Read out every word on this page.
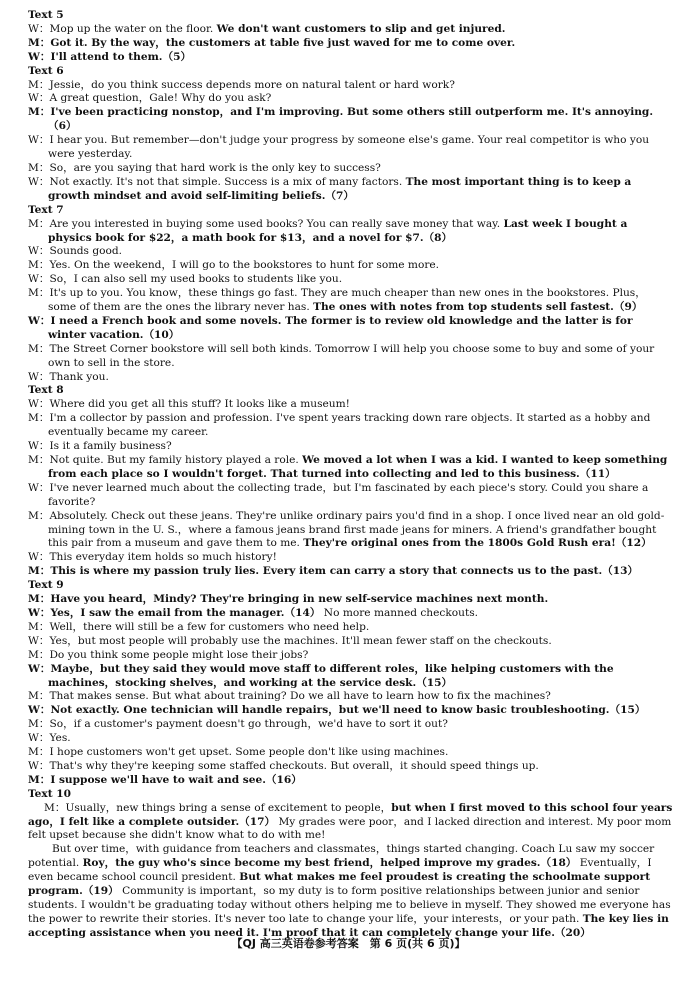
Text 5
W：Mop up the water on the floor. We don't want customers to slip and get injured.
M：Got it. By the way，the customers at table five just waved for me to come over.
W：I'll attend to them.（5）
Text 6
M：Jessie，do you think success depends more on natural talent or hard work?
W：A great question，Gale! Why do you ask?
M：I've been practicing nonstop，and I'm improving. But some others still outperform me. It's annoying.（6）
W：I hear you. But remember—don't judge your progress by someone else's game. Your real competitor is who you were yesterday.
M：So，are you saying that hard work is the only key to success?
W：Not exactly. It's not that simple. Success is a mix of many factors. The most important thing is to keep a growth mindset and avoid self-limiting beliefs.（7）
Text 7
M：Are you interested in buying some used books? You can really save money that way. Last week I bought a physics book for $22，a math book for $13，and a novel for $7.（8）
W：Sounds good.
M：Yes. On the weekend，I will go to the bookstores to hunt for some more.
W：So，I can also sell my used books to students like you.
M：It's up to you. You know，these things go fast. They are much cheaper than new ones in the bookstores. Plus，some of them are the ones the library never has. The ones with notes from top students sell fastest.（9）
W：I need a French book and some novels. The former is to review old knowledge and the latter is for winter vacation.（10）
M：The Street Corner bookstore will sell both kinds. Tomorrow I will help you choose some to buy and some of your own to sell in the store.
W：Thank you.
Text 8
W：Where did you get all this stuff? It looks like a museum!
M：I'm a collector by passion and profession. I've spent years tracking down rare objects. It started as a hobby and eventually became my career.
W：Is it a family business?
M：Not quite. But my family history played a role. We moved a lot when I was a kid. I wanted to keep something from each place so I wouldn't forget. That turned into collecting and led to this business.（11）
W：I've never learned much about the collecting trade，but I'm fascinated by each piece's story. Could you share a favorite?
M：Absolutely. Check out these jeans. They're unlike ordinary pairs you'd find in a shop. I once lived near an old gold-mining town in the U. S.，where a famous jeans brand first made jeans for miners. A friend's grandfather bought this pair from a museum and gave them to me. They're original ones from the 1800s Gold Rush era!（12）
W：This everyday item holds so much history!
M：This is where my passion truly lies. Every item can carry a story that connects us to the past.（13）
Text 9
M：Have you heard，Mindy? They're bringing in new self-service machines next month.
W：Yes，I saw the email from the manager.（14） No more manned checkouts.
M：Well，there will still be a few for customers who need help.
W：Yes，but most people will probably use the machines. It'll mean fewer staff on the checkouts.
M：Do you think some people might lose their jobs?
W：Maybe，but they said they would move staff to different roles，like helping customers with the machines，stocking shelves，and working at the service desk.（15）
M：That makes sense. But what about training? Do we all have to learn how to fix the machines?
W：Not exactly. One technician will handle repairs，but we'll need to know basic troubleshooting.（15）
M：So，if a customer's payment doesn't go through，we'd have to sort it out?
W：Yes.
M：I hope customers won't get upset. Some people don't like using machines.
W：That's why they're keeping some staffed checkouts. But overall，it should speed things up.
M：I suppose we'll have to wait and see.（16）
Text 10
M：Usually，new things bring a sense of excitement to people，but when I first moved to this school four years ago，I felt like a complete outsider.（17） My grades were poor，and I lacked direction and interest. My poor mom felt upset because she didn't know what to do with me!
But over time，with guidance from teachers and classmates，things started changing. Coach Lu saw my soccer potential. Roy，the guy who's since become my best friend，helped improve my grades.（18） Eventually，I even became school council president. But what makes me feel proudest is creating the schoolmate support program.（19） Community is important，so my duty is to form positive relationships between junior and senior students. I wouldn't be graduating today without others helping me to believe in myself. They showed me everyone has the power to rewrite their stories. It's never too late to change your life，your interests，or your path. The key lies in accepting assistance when you need it. I'm proof that it can completely change your life.（20）
【QJ 高三英语卷参考答案　第 6 页(共 6 页)】
